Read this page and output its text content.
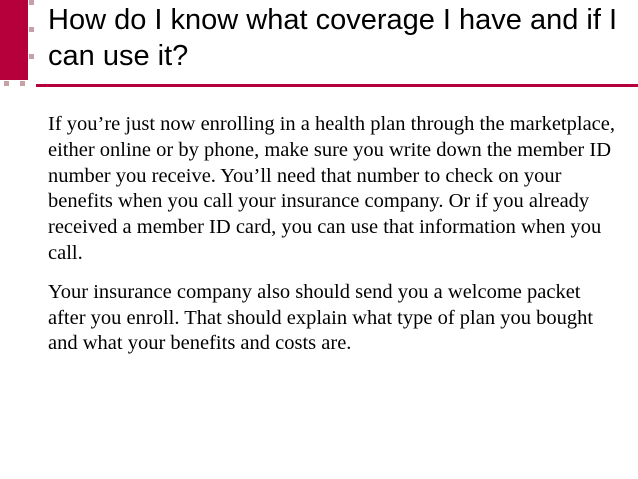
How do I know what coverage I have and if I can use it?

If you’re just now enrolling in a health plan through the marketplace, either online or by phone, make sure you write down the member ID number you receive. You’ll need that number to check on your benefits when you call your insurance company. Or if you already received a member ID card, you can use that information when you call.

Your insurance company also should send you a welcome packet after you enroll. That should explain what type of plan you bought and what your benefits and costs are.
